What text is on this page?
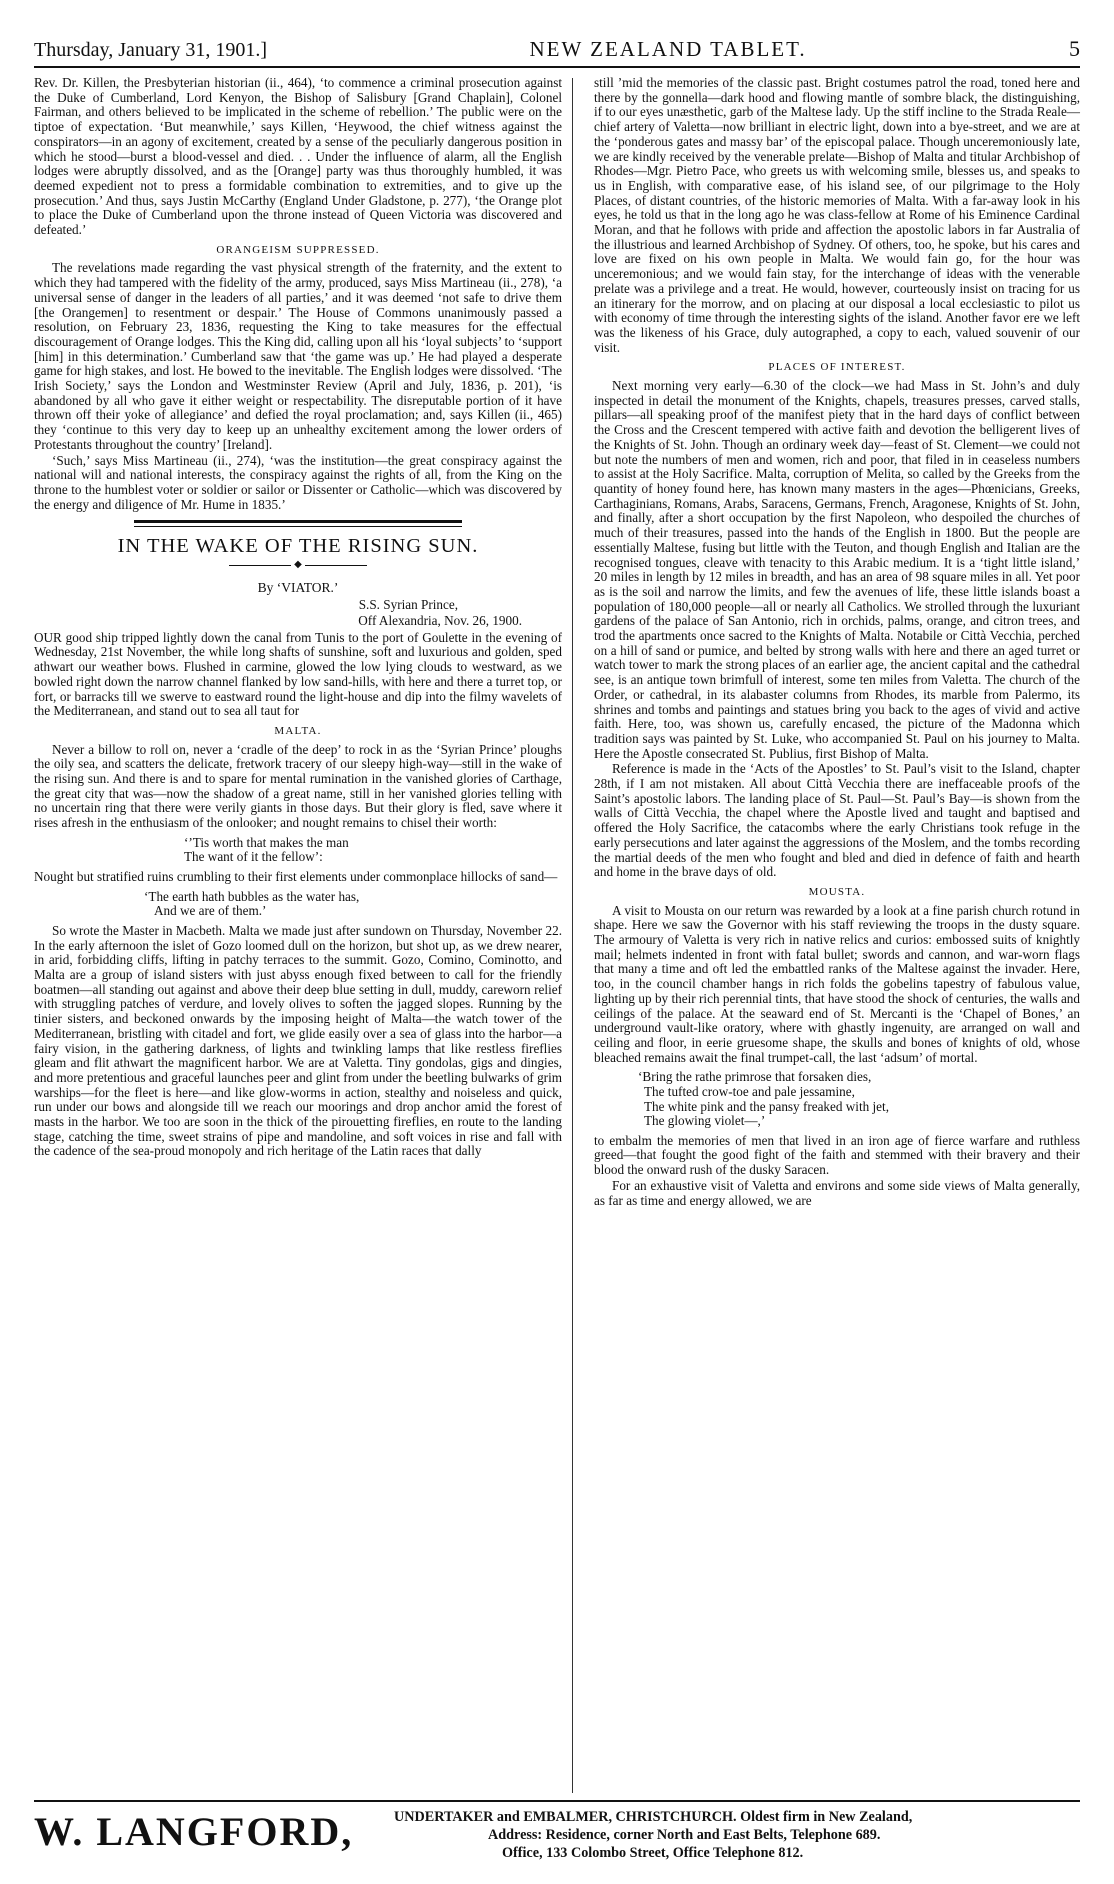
Thursday, January 31, 1901.]	NEW ZEALAND TABLET.	5

Rev. Dr. Killen, the Presbyterian historian (ii., 464), ‘to commence a criminal prosecution against the Duke of Cumberland, Lord Kenyon, the Bishop of Salisbury [Grand Chaplain], Colonel Fairman, and others believed to be implicated in the scheme of rebellion.’ The public were on the tiptoe of expectation. ‘But meanwhile,’ says Killen, ‘Heywood, the chief witness against the conspirators—in an agony of excitement, created by a sense of the peculiarly dangerous position in which he stood—burst a blood-vessel and died. . . Under the influence of alarm, all the English lodges were abruptly dissolved, and as the [Orange] party was thus thoroughly humbled, it was deemed expedient not to press a formidable combination to extremities, and to give up the prosecution.’ And thus, says Justin McCarthy (England Under Gladstone, p. 277), ‘the Orange plot to place the Duke of Cumberland upon the throne instead of Queen Victoria was discovered and defeated.’

ORANGEISM SUPPRESSED.

The revelations made regarding the vast physical strength of the fraternity, and the extent to which they had tampered with the fidelity of the army, produced, says Miss Martineau (ii., 278), ‘a universal sense of danger in the leaders of all parties,’ and it was deemed ‘not safe to drive them [the Orangemen] to resentment or despair.’ The House of Commons unanimously passed a resolution, on February 23, 1836, requesting the King to take measures for the effectual discouragement of Orange lodges. This the King did, calling upon all his ‘loyal subjects’ to ‘support [him] in this determination.’ Cumberland saw that ‘the game was up.’ He had played a desperate game for high stakes, and lost. He bowed to the inevitable. The English lodges were dissolved. ‘The Irish Society,’ says the London and Westminster Review (April and July, 1836, p. 201), ‘is abandoned by all who gave it either weight or respectability. The disreputable portion of it have thrown off their yoke of allegiance’ and defied the royal proclamation; and, says Killen (ii., 465) they ‘continue to this very day to keep up an unhealthy excitement among the lower orders of Protestants throughout the country’ [Ireland].

‘Such,’ says Miss Martineau (ii., 274), ‘was the institution—the great conspiracy against the national will and national interests, the conspiracy against the rights of all, from the King on the throne to the humblest voter or soldier or sailor or Dissenter or Catholic—which was discovered by the energy and diligence of Mr. Hume in 1835.’

IN THE WAKE OF THE RISING SUN.
◆
By ‘VIATOR.’
S.S. Syrian Prince,
Off Alexandria, Nov. 26, 1900.

OUR good ship tripped lightly down the canal from Tunis to the port of Goulette in the evening of Wednesday, 21st November, the while long shafts of sunshine, soft and luxurious and golden, sped athwart our weather bows. Flushed in carmine, glowed the low lying clouds to westward, as we bowled right down the narrow channel flanked by low sand-hills, with here and there a turret top, or fort, or barracks till we swerve to eastward round the light-house and dip into the filmy wavelets of the Mediterranean, and stand out to sea all taut for

MALTA.

Never a billow to roll on, never a ‘cradle of the deep’ to rock in as the ‘Syrian Prince’ ploughs the oily sea, and scatters the delicate, fretwork tracery of our sleepy high-way—still in the wake of the rising sun. And there is and to spare for mental rumination in the vanished glories of Carthage, the great city that was—now the shadow of a great name, still in her vanished glories telling with no uncertain ring that there were verily giants in those days. But their glory is fled, save where it rises afresh in the enthusiasm of the onlooker; and nought remains to chisel their worth:

‘’Tis worth that makes the man
The want of it the fellow’:

Nought but stratified ruins crumbling to their first elements under commonplace hillocks of sand—

‘The earth hath bubbles as the water has,
And we are of them.’

So wrote the Master in Macbeth. Malta we made just after sundown on Thursday, November 22. In the early afternoon the islet of Gozo loomed dull on the horizon, but shot up, as we drew nearer, in arid, forbidding cliffs, lifting in patchy terraces to the summit. Gozo, Comino, Cominotto, and Malta are a group of island sisters with just abyss enough fixed between to call for the friendly boatmen—all standing out against and above their deep blue setting in dull, muddy, careworn relief with struggling patches of verdure, and lovely olives to soften the jagged slopes. Running by the tinier sisters, and beckoned onwards by the imposing height of Malta—the watch tower of the Mediterranean, bristling with citadel and fort, we glide easily over a sea of glass into the harbor—a fairy vision, in the gathering darkness, of lights and twinkling lamps that like restless fireflies gleam and flit athwart the magnificent harbor. We are at Valetta. Tiny gondolas, gigs and dingies, and more pretentious and graceful launches peer and glint from under the beetling bulwarks of grim warships—for the fleet is here—and like glow-worms in action, stealthy and noiseless and quick, run under our bows and alongside till we reach our moorings and drop anchor amid the forest of masts in the harbor. We too are soon in the thick of the pirouetting fireflies, en route to the landing stage, catching the time, sweet strains of pipe and mandoline, and soft voices in rise and fall with the cadence of the sea-proud monopoly and rich heritage of the Latin races that dally

still ’mid the memories of the classic past. Bright costumes patrol the road, toned here and there by the gonnella—dark hood and flowing mantle of sombre black, the distinguishing, if to our eyes unæsthetic, garb of the Maltese lady. Up the stiff incline to the Strada Reale—chief artery of Valetta—now brilliant in electric light, down into a bye-street, and we are at the ‘ponderous gates and massy bar’ of the episcopal palace. Though unceremoniously late, we are kindly received by the venerable prelate—Bishop of Malta and titular Archbishop of Rhodes—Mgr. Pietro Pace, who greets us with welcoming smile, blesses us, and speaks to us in English, with comparative ease, of his island see, of our pilgrimage to the Holy Places, of distant countries, of the historic memories of Malta. With a far-away look in his eyes, he told us that in the long ago he was class-fellow at Rome of his Eminence Cardinal Moran, and that he follows with pride and affection the apostolic labors in far Australia of the illustrious and learned Archbishop of Sydney. Of others, too, he spoke, but his cares and love are fixed on his own people in Malta. We would fain go, for the hour was unceremonious; and we would fain stay, for the interchange of ideas with the venerable prelate was a privilege and a treat. He would, however, courteously insist on tracing for us an itinerary for the morrow, and on placing at our disposal a local ecclesiastic to pilot us with economy of time through the interesting sights of the island. Another favor ere we left was the likeness of his Grace, duly autographed, a copy to each, valued souvenir of our visit.

PLACES OF INTEREST.

Next morning very early—6.30 of the clock—we had Mass in St. John’s and duly inspected in detail the monument of the Knights, chapels, treasures presses, carved stalls, pillars—all speaking proof of the manifest piety that in the hard days of conflict between the Cross and the Crescent tempered with active faith and devotion the belligerent lives of the Knights of St. John. Though an ordinary week day—feast of St. Clement—we could not but note the numbers of men and women, rich and poor, that filed in in ceaseless numbers to assist at the Holy Sacrifice. Malta, corruption of Melita, so called by the Greeks from the quantity of honey found here, has known many masters in the ages—Phœnicians, Greeks, Carthaginians, Romans, Arabs, Saracens, Germans, French, Aragonese, Knights of St. John, and finally, after a short occupation by the first Napoleon, who despoiled the churches of much of their treasures, passed into the hands of the English in 1800. But the people are essentially Maltese, fusing but little with the Teuton, and though English and Italian are the recognised tongues, cleave with tenacity to this Arabic medium. It is a ‘tight little island,’ 20 miles in length by 12 miles in breadth, and has an area of 98 square miles in all. Yet poor as is the soil and narrow the limits, and few the avenues of life, these little islands boast a population of 180,000 people—all or nearly all Catholics. We strolled through the luxuriant gardens of the palace of San Antonio, rich in orchids, palms, orange, and citron trees, and trod the apartments once sacred to the Knights of Malta. Notabile or Città Vecchia, perched on a hill of sand or pumice, and belted by strong walls with here and there an aged turret or watch tower to mark the strong places of an earlier age, the ancient capital and the cathedral see, is an antique town brimfull of interest, some ten miles from Valetta. The church of the Order, or cathedral, in its alabaster columns from Rhodes, its marble from Palermo, its shrines and tombs and paintings and statues bring you back to the ages of vivid and active faith. Here, too, was shown us, carefully encased, the picture of the Madonna which tradition says was painted by St. Luke, who accompanied St. Paul on his journey to Malta. Here the Apostle consecrated St. Publius, first Bishop of Malta.

Reference is made in the ‘Acts of the Apostles’ to St. Paul’s visit to the Island, chapter 28th, if I am not mistaken. All about Città Vecchia there are ineffaceable proofs of the Saint’s apostolic labors. The landing place of St. Paul—St. Paul’s Bay—is shown from the walls of Città Vecchia, the chapel where the Apostle lived and taught and baptised and offered the Holy Sacrifice, the catacombs where the early Christians took refuge in the early persecutions and later against the aggressions of the Moslem, and the tombs recording the martial deeds of the men who fought and bled and died in defence of faith and hearth and home in the brave days of old.

MOUSTA.

A visit to Mousta on our return was rewarded by a look at a fine parish church rotund in shape. Here we saw the Governor with his staff reviewing the troops in the dusty square. The armoury of Valetta is very rich in native relics and curios: embossed suits of knightly mail; helmets indented in front with fatal bullet; swords and cannon, and war-worn flags that many a time and oft led the embattled ranks of the Maltese against the invader. Here, too, in the council chamber hangs in rich folds the gobelins tapestry of fabulous value, lighting up by their rich perennial tints, that have stood the shock of centuries, the walls and ceilings of the palace. At the seaward end of St. Mercanti is the ‘Chapel of Bones,’ an underground vault-like oratory, where with ghastly ingenuity, are arranged on wall and ceiling and floor, in eerie gruesome shape, the skulls and bones of knights of old, whose bleached remains await the final trumpet-call, the last ‘adsum’ of mortal.

‘Bring the rathe primrose that forsaken dies,
The tufted crow-toe and pale jessamine,
The white pink and the pansy freaked with jet,
The glowing violet—,’

to embalm the memories of men that lived in an iron age of fierce warfare and ruthless greed—that fought the good fight of the faith and stemmed with their bravery and their blood the onward rush of the dusky Saracen.

For an exhaustive visit of Valetta and environs and some side views of Malta generally, as far as time and energy allowed, we are

W. LANGFORD,	UNDERTAKER and EMBALMER, CHRISTCHURCH. Oldest firm in New Zealand,
Address: Residence, corner North and East Belts, Telephone 689.
Office, 133 Colombo Street, Office Telephone 812.
